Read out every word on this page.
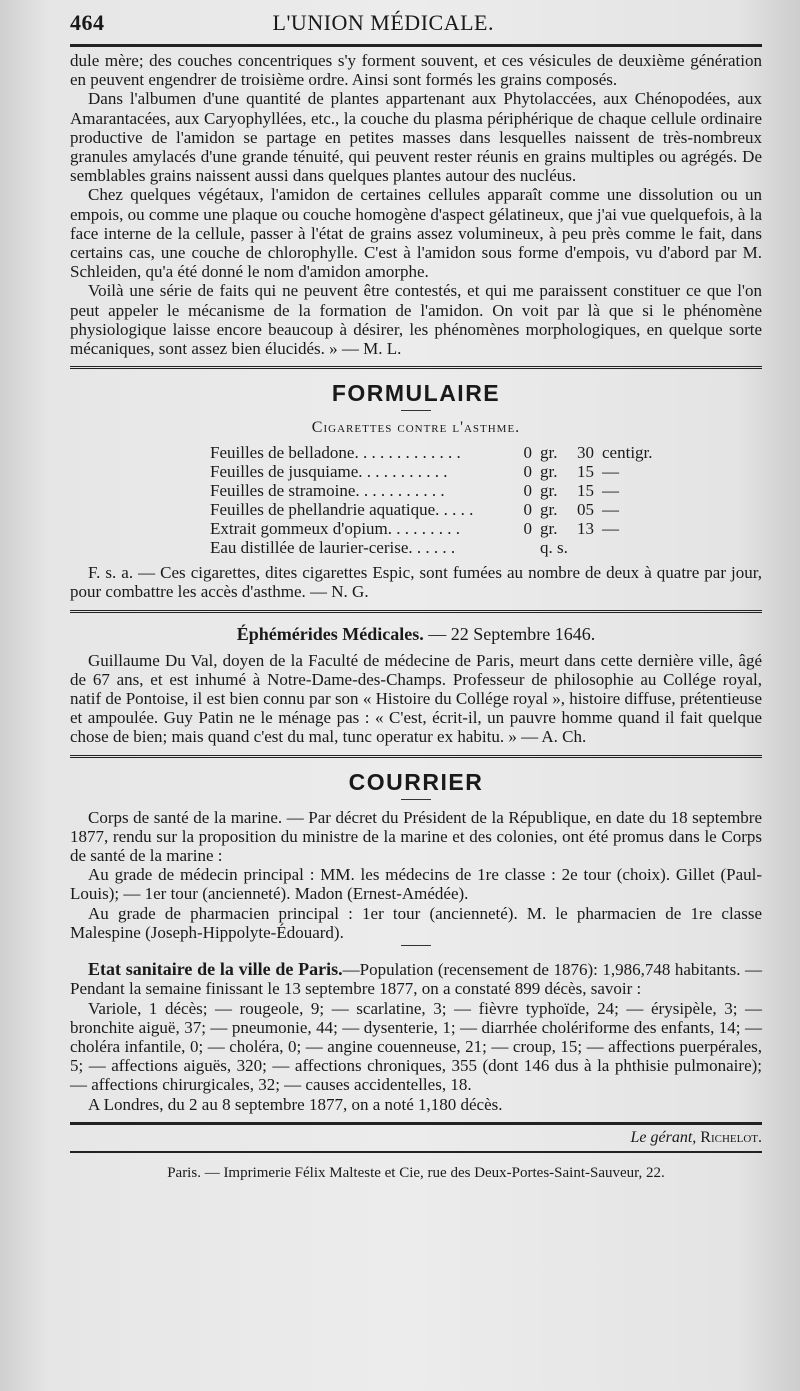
464	L'UNION MÉDICALE.

dule mère; des couches concentriques s'y forment souvent, et ces vésicules de deuxième génération en peuvent engendrer de troisième ordre. Ainsi sont formés les grains composés.

Dans l'albumen d'une quantité de plantes appartenant aux Phytolaccées, aux Chénopodées, aux Amarantacées, aux Caryophyllées, etc., la couche du plasma périphérique de chaque cellule ordinaire productive de l'amidon se partage en petites masses dans lesquelles naissent de très-nombreux granules amylacés d'une grande ténuité, qui peuvent rester réunis en grains multiples ou agrégés. De semblables grains naissent aussi dans quelques plantes autour des nucléus.

Chez quelques végétaux, l'amidon de certaines cellules apparaît comme une dissolution ou un empois, ou comme une plaque ou couche homogène d'aspect gélatineux, que j'ai vue quelquefois, à la face interne de la cellule, passer à l'état de grains assez volumineux, à peu près comme le fait, dans certains cas, une couche de chlorophylle. C'est à l'amidon sous forme d'empois, vu d'abord par M. Schleiden, qu'a été donné le nom d'amidon amorphe.

Voilà une série de faits qui ne peuvent être contestés, et qui me paraissent constituer ce que l'on peut appeler le mécanisme de la formation de l'amidon. On voit par là que si le phénomène physiologique laisse encore beaucoup à désirer, les phénomènes morphologiques, en quelque sorte mécaniques, sont assez bien élucidés. » — M. L.

FORMULAIRE
Cigarettes contre l'asthme.
Feuilles de belladone. . . . . . . . . . . . .	0	gr.	30	centigr.
Feuilles de jusquiame. . . . . . . . . . .	0	gr.	15	—
Feuilles de stramoine. . . . . . . . . . .	0	gr.	15	—
Feuilles de phellandrie aquatique. . . . .	0	gr.	05	—
Extrait gommeux d'opium. . . . . . . . .	0	gr.	13	—
Eau distillée de laurier-cerise. . . . . .		q. s.		

F. s. a. — Ces cigarettes, dites cigarettes Espic, sont fumées au nombre de deux à quatre par jour, pour combattre les accès d'asthme. — N. G.

Éphémérides Médicales. — 22 Septembre 1646.

Guillaume Du Val, doyen de la Faculté de médecine de Paris, meurt dans cette dernière ville, âgé de 67 ans, et est inhumé à Notre-Dame-des-Champs. Professeur de philosophie au Collége royal, natif de Pontoise, il est bien connu par son « Histoire du Collége royal », histoire diffuse, prétentieuse et ampoulée. Guy Patin ne le ménage pas : « C'est, écrit-il, un pauvre homme quand il fait quelque chose de bien; mais quand c'est du mal, tunc operatur ex habitu. » — A. Ch.

COURRIER

Corps de santé de la marine. — Par décret du Président de la République, en date du 18 septembre 1877, rendu sur la proposition du ministre de la marine et des colonies, ont été promus dans le Corps de santé de la marine :

Au grade de médecin principal : MM. les médecins de 1re classe : 2e tour (choix). Gillet (Paul-Louis); — 1er tour (ancienneté). Madon (Ernest-Amédée).

Au grade de pharmacien principal : 1er tour (ancienneté). M. le pharmacien de 1re classe Malespine (Joseph-Hippolyte-Édouard).

Etat sanitaire de la ville de Paris.—Population (recensement de 1876): 1,986,748 habitants. — Pendant la semaine finissant le 13 septembre 1877, on a constaté 899 décès, savoir :

Variole, 1 décès; — rougeole, 9; — scarlatine, 3; — fièvre typhoïde, 24; — érysipèle, 3; — bronchite aiguë, 37; — pneumonie, 44; — dysenterie, 1; — diarrhée cholériforme des enfants, 14; — choléra infantile, 0; — choléra, 0; — angine couenneuse, 21; — croup, 15; — affections puerpérales, 5; — affections aiguës, 320; — affections chroniques, 355 (dont 146 dus à la phthisie pulmonaire); — affections chirurgicales, 32; — causes accidentelles, 18.

A Londres, du 2 au 8 septembre 1877, on a noté 1,180 décès.

Le gérant, Richelot.
Paris. — Imprimerie Félix Malteste et Cie, rue des Deux-Portes-Saint-Sauveur, 22.
